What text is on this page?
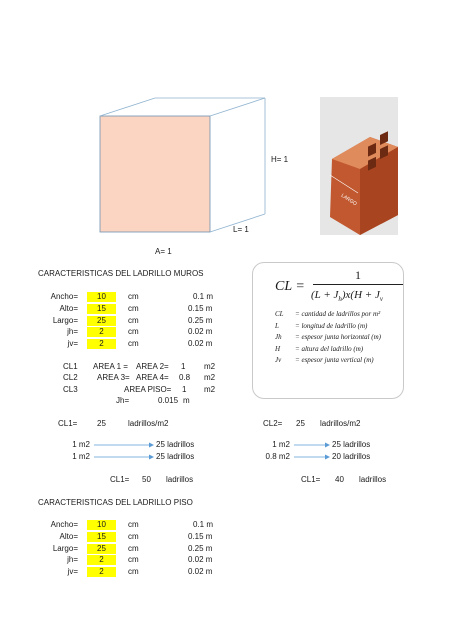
H= 1
L= 1
A= 1
LARGO
CARACTERISTICAS DEL LADRILLO MUROS
Ancho=	10	cm	0.1 m
Alto=	15	cm	0.15 m
Largo=	25	cm	0.25 m
jh=	2	cm	0.02 m
jv=	2	cm	0.02 m
CL1 AREA 1 = AREA 2= 1 m2
CL2 AREA 3= AREA 4= 0.8 m2
CL3	AREA PISO= 1 m2
Jh=	0.015 m
CL1= 25	ladrillos/m2	CL2= 25 ladrillos/m2
1 m2	25 ladrillos
1 m2	25 ladrillos
1 m2	25 ladrillos
0.8 m2	20 ladrillos
CL1= 50 ladrillos	CL1= 40 ladrillos
CL =
1
$(L + J_h)x(H + J_v$
CL = cantidad de ladrillos por m²
L = longitud de ladrillo (m)
Jh = espesor junta horizontal (m)
H = altura del ladrillo (m)
Jv = espesor junta vertical (m)
CARACTERISTICAS DEL LADRILLO PISO
Ancho=	10	cm	0.1 m
Alto=	15	cm	0.15 m
Largo=	25	cm	0.25 m
jh=	2	cm	0.02 m
jv=	2	cm	0.02 m
